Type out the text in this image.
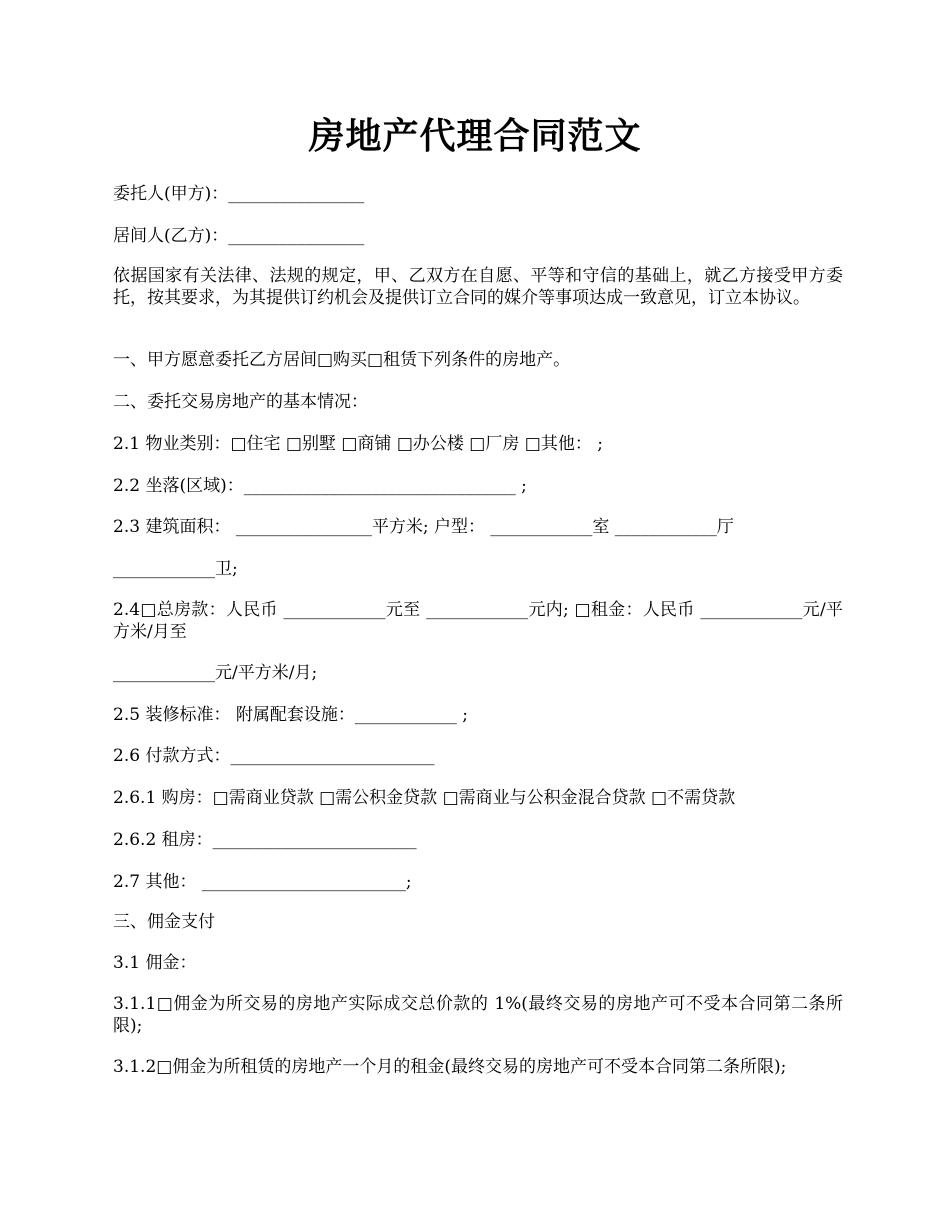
房地产代理合同范文
委托人(甲方)：________________
居间人(乙方)：________________
依据国家有关法律、法规的规定，甲、乙双方在自愿、平等和守信的基础上，就乙方接受甲方委托，按其要求，为其提供订约机会及提供订立合同的媒介等事项达成一致意见，订立本协议。
一、甲方愿意委托乙方居间□购买□租赁下列条件的房地产。
二、委托交易房地产的基本情况：
2.1 物业类别：□住宅 □别墅 □商铺 □办公楼 □厂房 □其他： ;
2.2 坐落(区域)：________________________________ ;
2.3 建筑面积： ________________平方米; 户型： ____________室 ____________厅
____________卫;
2.4□总房款：人民币 ____________元至 ____________元内; □租金：人民币 ____________元/平方米/月至
____________元/平方米/月;
2.5 装修标准： 附属配套设施：____________ ;
2.6 付款方式：________________________
2.6.1 购房：□需商业贷款 □需公积金贷款 □需商业与公积金混合贷款 □不需贷款
2.6.2 租房：________________________
2.7 其他： ________________________;
三、佣金支付
3.1 佣金：
3.1.1□佣金为所交易的房地产实际成交总价款的 1%(最终交易的房地产可不受本合同第二条所限);
3.1.2□佣金为所租赁的房地产一个月的租金(最终交易的房地产可不受本合同第二条所限);
